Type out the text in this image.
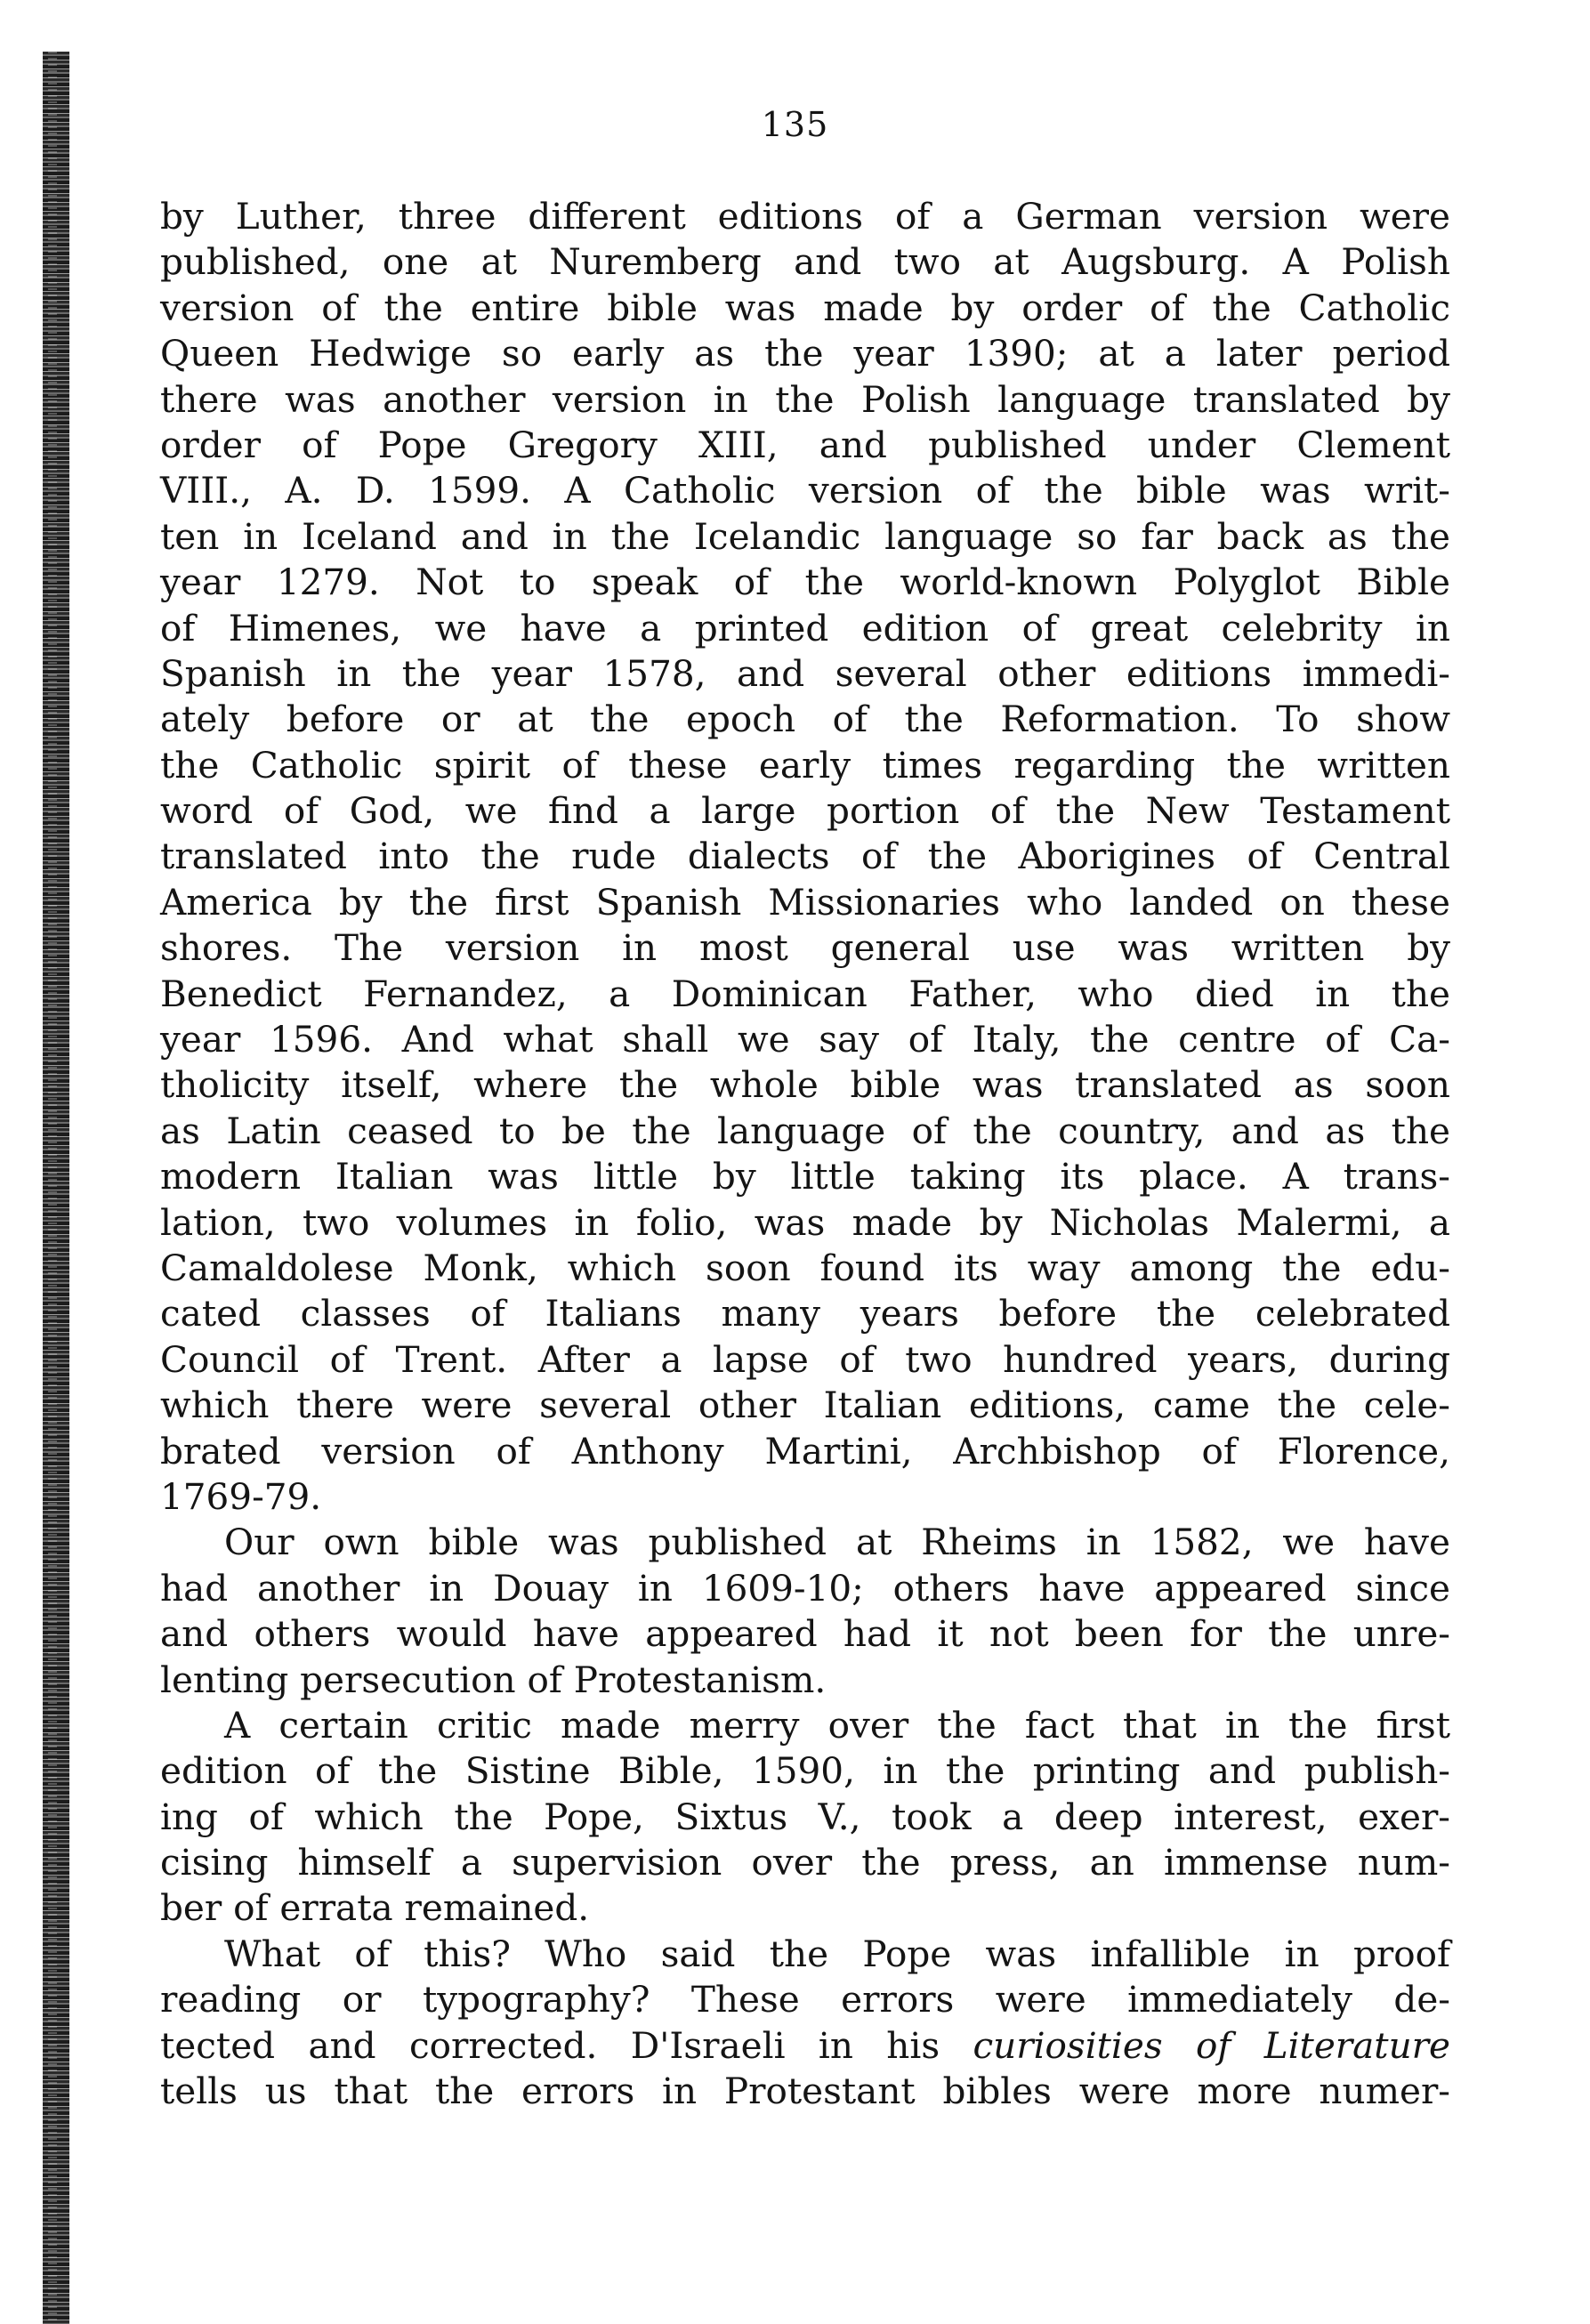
135
by Luther, three different editions of a German version were
published, one at Nuremberg and two at Augsburg. A Polish
version of the entire bible was made by order of the Catholic
Queen Hedwige so early as the year 1390; at a later period
there was another version in the Polish language translated by
order of Pope Gregory XIII, and published under Clement
VIII., A. D. 1599. A Catholic version of the bible was writ-
ten in Iceland and in the Icelandic language so far back as the
year 1279. Not to speak of the world-known Polyglot Bible
of Himenes, we have a printed edition of great celebrity in
Spanish in the year 1578, and several other editions immedi-
ately before or at the epoch of the Reformation. To show
the Catholic spirit of these early times regarding the written
word of God, we find a large portion of the New Testament
translated into the rude dialects of the Aborigines of Central
America by the first Spanish Missionaries who landed on these
shores. The version in most general use was written by
Benedict Fernandez, a Dominican Father, who died in the
year 1596. And what shall we say of Italy, the centre of Ca-
tholicity itself, where the whole bible was translated as soon
as Latin ceased to be the language of the country, and as the
modern Italian was little by little taking its place. A trans-
lation, two volumes in folio, was made by Nicholas Malermi, a
Camaldolese Monk, which soon found its way among the edu-
cated classes of Italians many years before the celebrated
Council of Trent. After a lapse of two hundred years, during
which there were several other Italian editions, came the cele-
brated version of Anthony Martini, Archbishop of Florence,
1769-79.
Our own bible was published at Rheims in 1582, we have
had another in Douay in 1609-10; others have appeared since
and others would have appeared had it not been for the unre-
lenting persecution of Protestanism.
A certain critic made merry over the fact that in the first
edition of the Sistine Bible, 1590, in the printing and publish-
ing of which the Pope, Sixtus V., took a deep interest, exer-
cising himself a supervision over the press, an immense num-
ber of errata remained.
What of this? Who said the Pope was infallible in proof
reading or typography? These errors were immediately de-
tected and corrected. D'Israeli in his curiosities of Literature
tells us that the errors in Protestant bibles were more numer-
